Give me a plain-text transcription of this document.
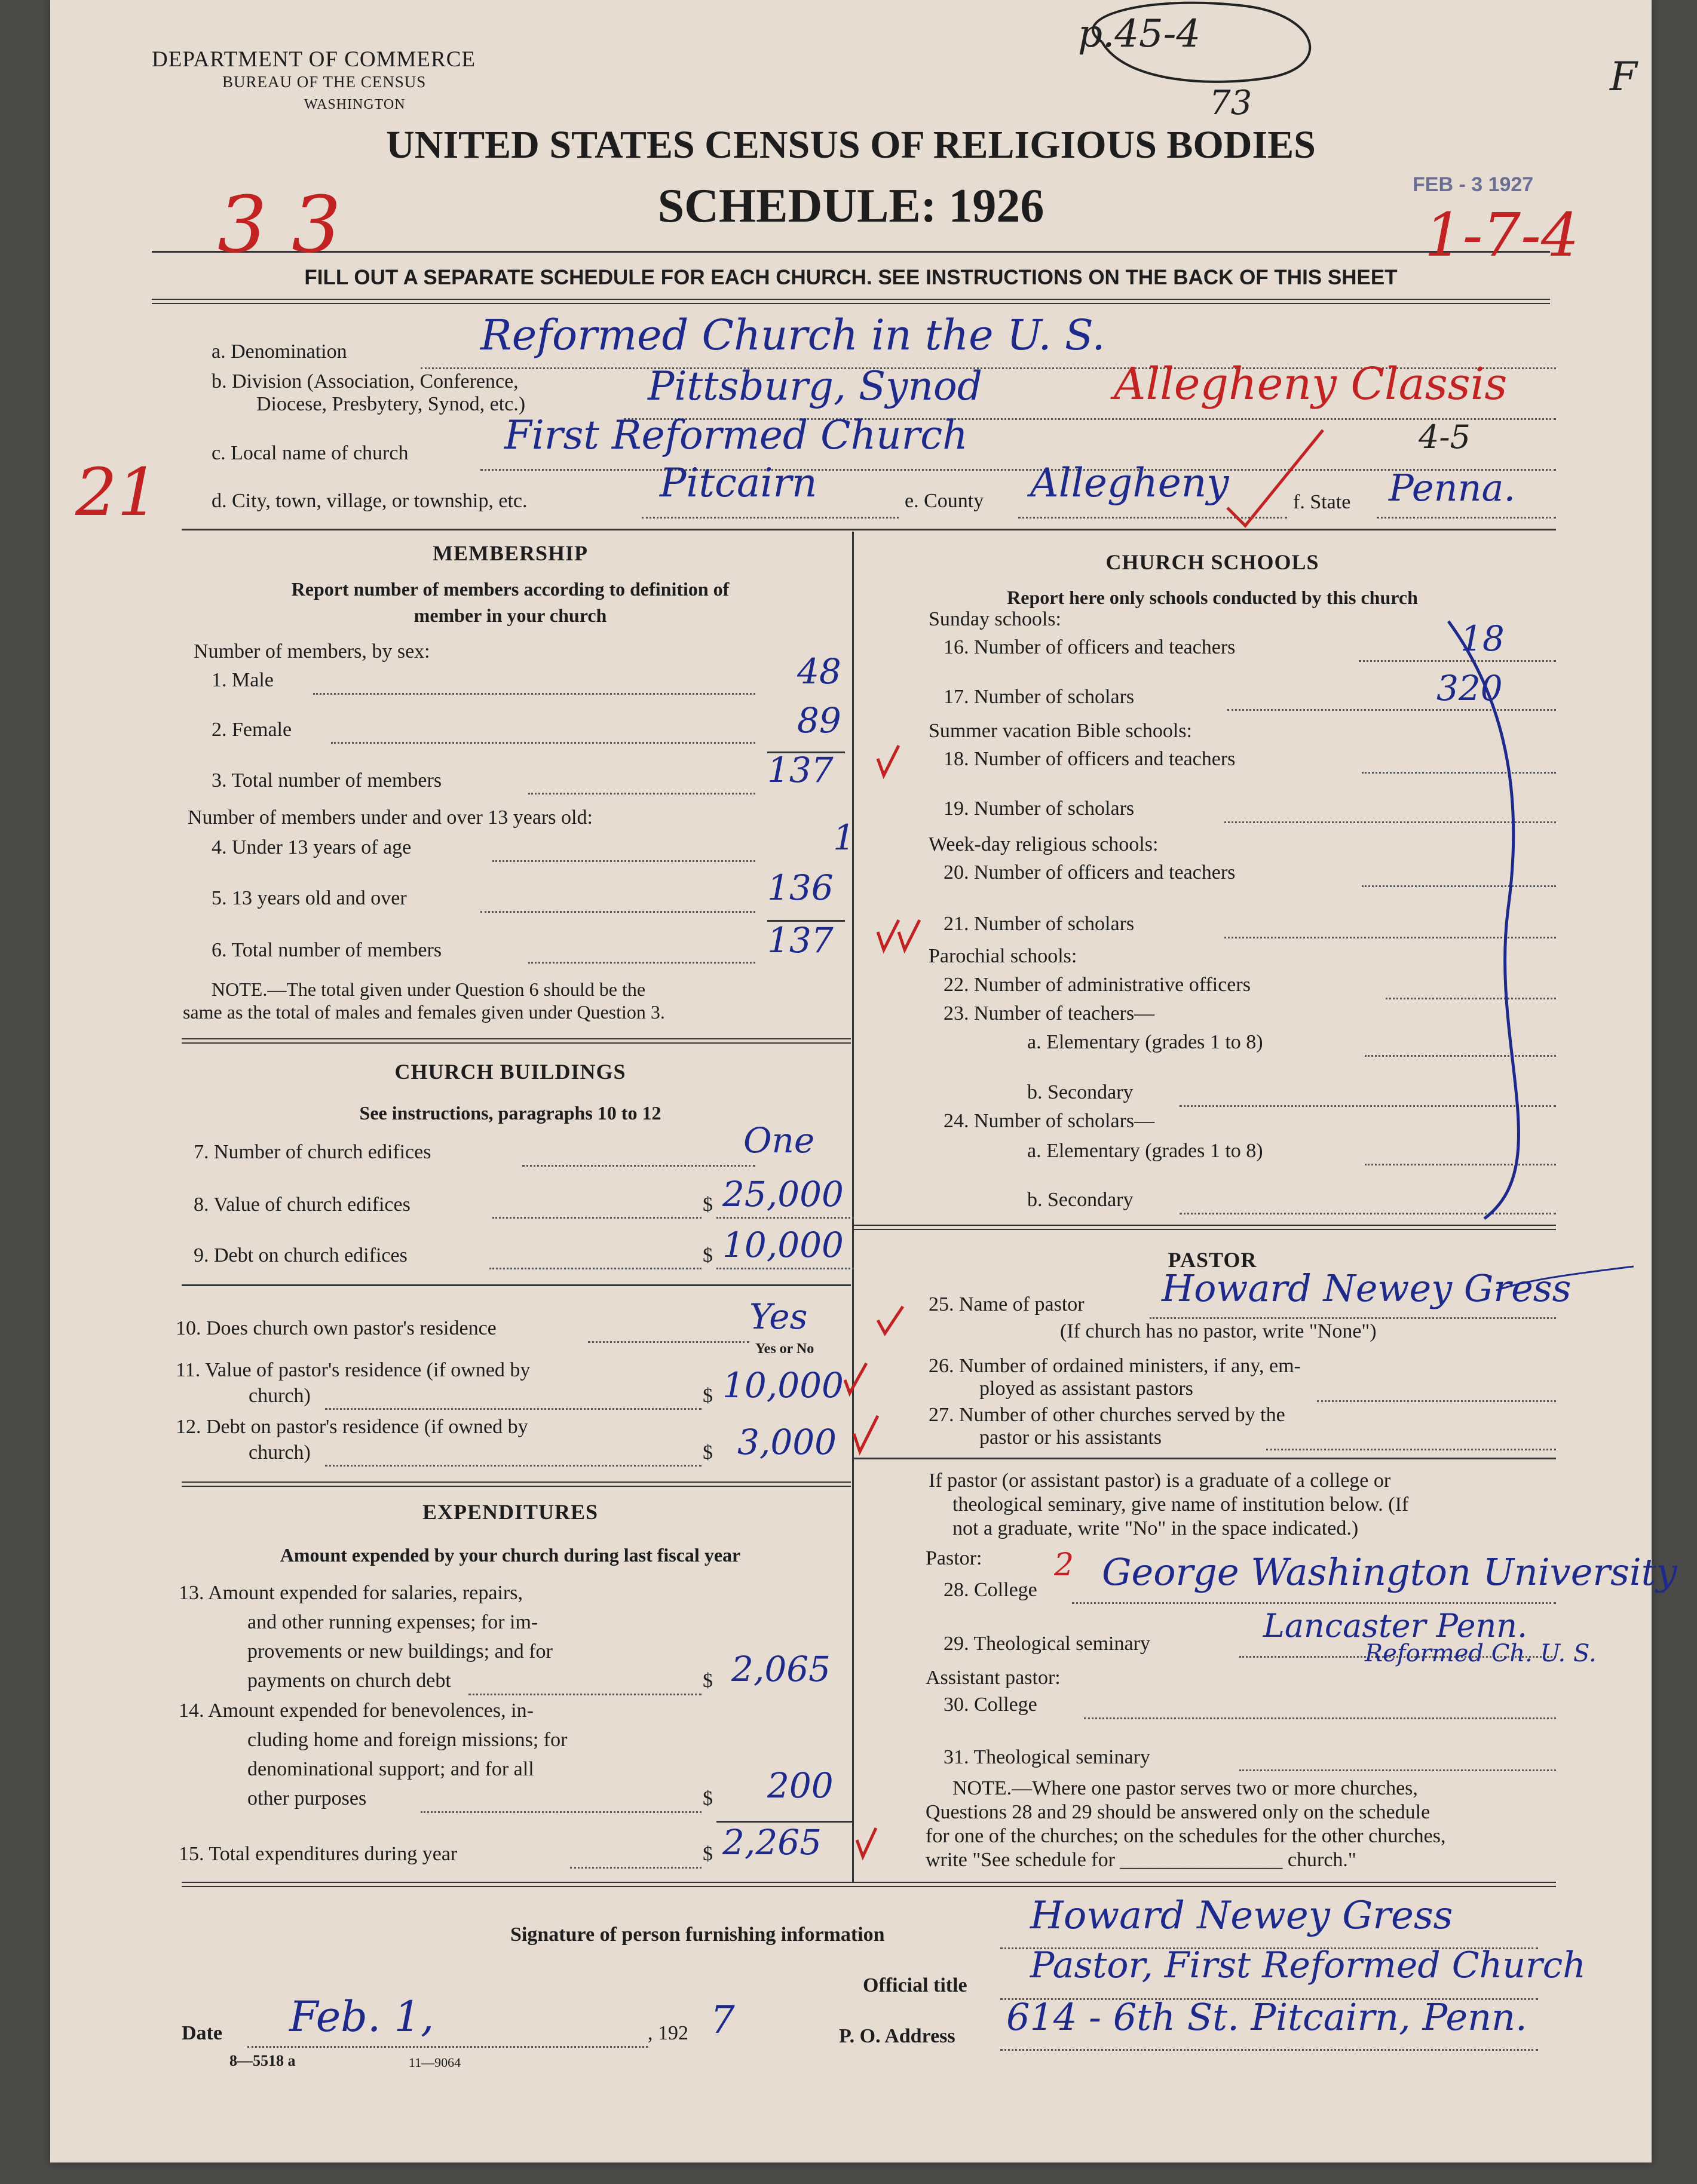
DEPARTMENT OF COMMERCE
BUREAU OF THE CENSUS
WASHINGTON
UNITED STATES CENSUS OF RELIGIOUS BODIES
SCHEDULE: 1926
FILL OUT A SEPARATE SCHEDULE FOR EACH CHURCH. SEE INSTRUCTIONS ON THE BACK OF THIS SHEET
p.45-4
73
F
3 3	1-7-4
FEB - 3 1927
21
4-5
a. Denomination	Reformed Church in the U. S.
b. Division (Association, Conference,
Diocese, Presbytery, Synod, etc.)	Pittsburg, Synod	Allegheny Classis
c. Local name of church First Reformed Church
d. City, town, village, or township, etc.	Pitcairn	e. County Allegheny	f. State Penna.
MEMBERSHIP
Report number of members according to definition of
member in your church
Number of members, by sex:
1. Male	48
2. Female	89
3. Total number of members	137
Number of members under and over 13 years old:
4. Under 13 years of age	1
5. 13 years old and over	136
6. Total number of members	137
NOTE.—The total given under Question 6 should be the
same as the total of males and females given under Question 3.
CHURCH BUILDINGS
See instructions, paragraphs 10 to 12
7. Number of church edifices	One
8. Value of church edifices	$ 25,000
9. Debt on church edifices	$ 10,000
10. Does church own pastor's residence	Yes
Yes or No
11. Value of pastor's residence (if owned by
church)	$ 10,000
12. Debt on pastor's residence (if owned by
church)	$ 3,000
EXPENDITURES
Amount expended by your church during last fiscal year
13. Amount expended for salaries, repairs,
and other running expenses; for im-
provements or new buildings; and for
payments on church debt	$ 2,065
14. Amount expended for benevolences, in-
cluding home and foreign missions; for
denominational support; and for all
other purposes	$ 200
15. Total expenditures during year	$ 2,265
CHURCH SCHOOLS
Report here only schools conducted by this church
Sunday schools:
16. Number of officers and teachers	18
17. Number of scholars	320
Summer vacation Bible schools:
18. Number of officers and teachers
19. Number of scholars
Week-day religious schools:
20. Number of officers and teachers
21. Number of scholars
Parochial schools:
22. Number of administrative officers
23. Number of teachers—
a. Elementary (grades 1 to 8)
b. Secondary
24. Number of scholars—
a. Elementary (grades 1 to 8)
b. Secondary
PASTOR
25. Name of pastor Howard Newey Gress
(If church has no pastor, write "None")
26. Number of ordained ministers, if any, em-
ployed as assistant pastors
27. Number of other churches served by the
pastor or his assistants
If pastor (or assistant pastor) is a graduate of a college or
theological seminary, give name of institution below. (If
not a graduate, write "No" in the space indicated.)
Pastor:
28. College
2 George Washington University
29. Theological seminary	Lancaster Penn.
Reformed Ch. U. S.
Assistant pastor:
30. College
31. Theological seminary
NOTE.—Where one pastor serves two or more churches,
Questions 28 and 29 should be answered only on the schedule
for one of the churches; on the schedules for the other churches,
write "See schedule for ________________ church."
Signature of person furnishing information	Howard Newey Gress
Official title Pastor, First Reformed Church
Date Feb. 1,	, 192 7	P. O. Address 614 - 6th St. Pitcairn, Penn.
8—5518 a	11—9064
